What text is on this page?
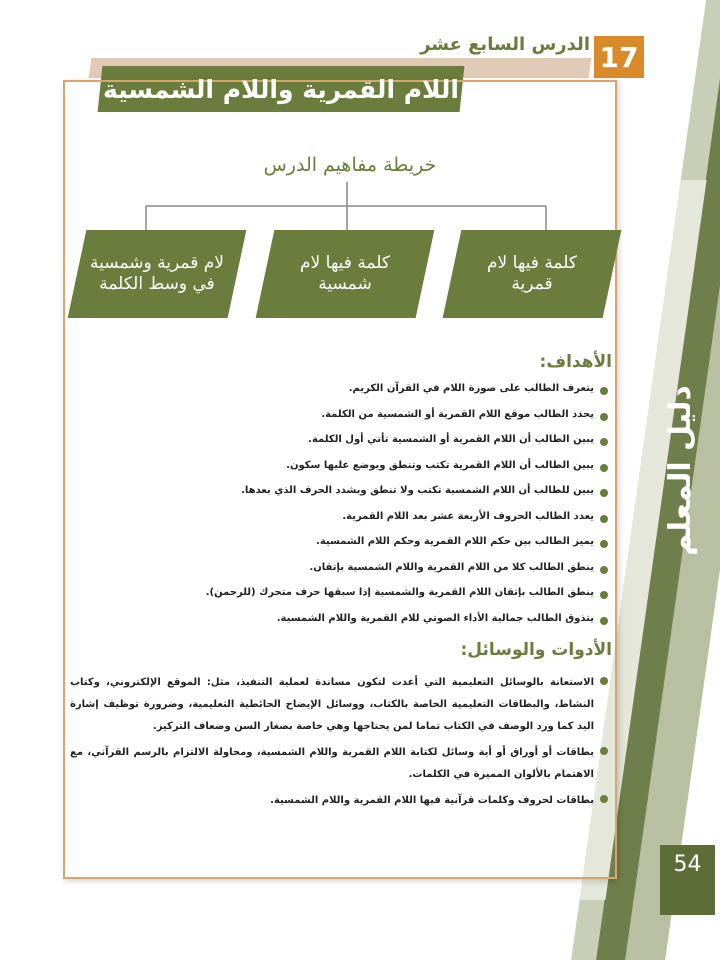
دليل المعلم
54
17
الدرس السابع عشر
اللام القمرية واللام الشمسية
خريطة مفاهيم الدرس
كلمة فيها لام قمرية
كلمة فيها لام شمسية
لام قمرية وشمسية في وسط الكلمة
الأهداف:
يتعرف الطالب على صورة اللام في القرآن الكريم.
يحدد الطالب موقع اللام القمرية أو الشمسية من الكلمة.
يبين الطالب أن اللام القمرية أو الشمسية تأتي أول الكلمة.
يبين الطالب أن اللام القمرية تكتب وتنطق ويوضع عليها سكون.
يبين للطالب أن اللام الشمسية تكتب ولا تنطق ويشدد الحرف الذي بعدها.
يعدد الطالب الحروف الأربعة عشر بعد اللام القمرية.
يميز الطالب بين حكم اللام القمرية وحكم اللام الشمسية.
ينطق الطالب كلا من اللام القمرية واللام الشمسية بإتقان.
ينطق الطالب بإتقان اللام القمرية والشمسية إذا سبقها حرف متحرك (للرحمن).
يتذوق الطالب جمالية الأداء الصوتي للام القمرية واللام الشمسية.
الأدوات والوسائل:
الاستعانة بالوسائل التعليمية التي أعدت لتكون مساندة لعملية التنفيذ، مثل: الموقع الإلكتروني، وكتاب النشاط، والبطاقات التعليمية الخاصة بالكتاب، ووسائل الإيضاح الحائطية التعليمية، وضرورة توظيف إشارة اليد كما ورد الوصف في الكتاب تماما لمن يحتاجها وهي خاصة بصغار السن وضعاف التركيز.
بطاقات أو أوراق أو أية وسائل لكتابة اللام القمرية واللام الشمسية، ومحاولة الالتزام بالرسم القرآني، مع الاهتمام بالألوان المميزة في الكلمات.
بطاقات لحروف وكلمات قرآنية فيها اللام القمرية واللام الشمسية.
